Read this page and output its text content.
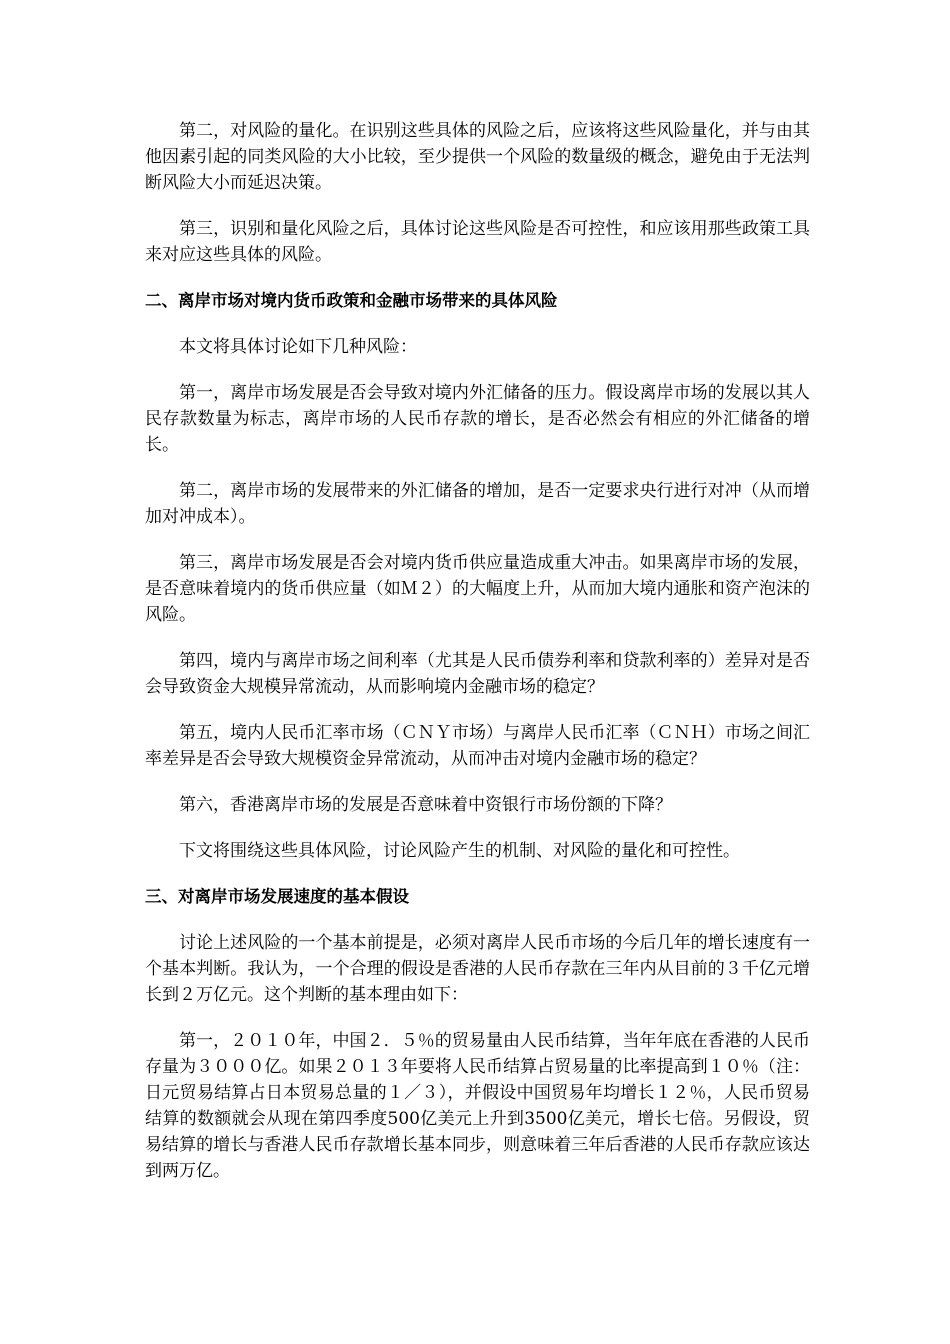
第二，对风险的量化。在识别这些具体的风险之后，应该将这些风险量化，并与由其他因素引起的同类风险的大小比较，至少提供一个风险的数量级的概念，避免由于无法判断风险大小而延迟决策。

第三，识别和量化风险之后，具体讨论这些风险是否可控性，和应该用那些政策工具来对应这些具体的风险。

二、离岸市场对境内货币政策和金融市场带来的具体风险

本文将具体讨论如下几种风险：

第一，离岸市场发展是否会导致对境内外汇储备的压力。假设离岸市场的发展以其人民存款数量为标志，离岸市场的人民币存款的增长，是否必然会有相应的外汇储备的增长。

第二，离岸市场的发展带来的外汇储备的增加，是否一定要求央行进行对冲（从而增加对冲成本）。

第三，离岸市场发展是否会对境内货币供应量造成重大冲击。如果离岸市场的发展，是否意味着境内的货币供应量（如Ｍ２）的大幅度上升，从而加大境内通胀和资产泡沫的风险。

第四，境内与离岸市场之间利率（尤其是人民币债券利率和贷款利率的）差异对是否会导致资金大规模异常流动，从而影响境内金融市场的稳定？

第五，境内人民币汇率市场（ＣＮＹ市场）与离岸人民币汇率（ＣＮＨ）市场之间汇率差异是否会导致大规模资金异常流动，从而冲击对境内金融市场的稳定？

第六，香港离岸市场的发展是否意味着中资银行市场份额的下降？

下文将围绕这些具体风险，讨论风险产生的机制、对风险的量化和可控性。

三、对离岸市场发展速度的基本假设

讨论上述风险的一个基本前提是，必须对离岸人民币市场的今后几年的增长速度有一个基本判断。我认为，一个合理的假设是香港的人民币存款在三年内从目前的３千亿元增长到２万亿元。这个判断的基本理由如下：

第一，２０１０年，中国２．５％的贸易量由人民币结算，当年年底在香港的人民币存量为３０００亿。如果２０１３年要将人民币结算占贸易量的比率提高到１０％（注：日元贸易结算占日本贸易总量的１／３），并假设中国贸易年均增长１２％，人民币贸易结算的数额就会从现在第四季度500亿美元上升到3500亿美元，增长七倍。另假设，贸易结算的增长与香港人民币存款增长基本同步，则意味着三年后香港的人民币存款应该达到两万亿。
